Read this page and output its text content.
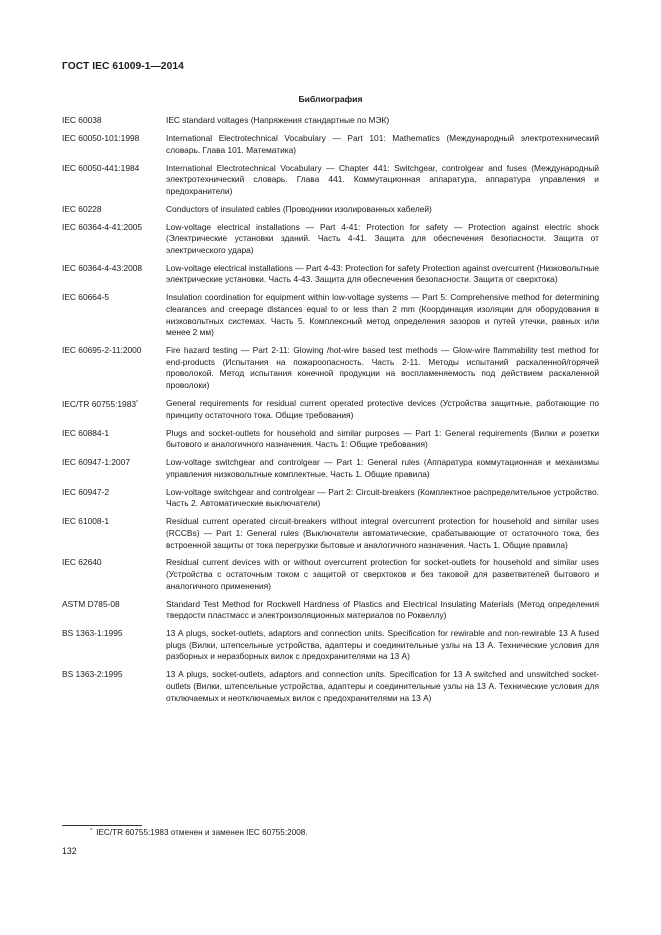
ГОСТ IEC 61009-1—2014
Библиография
IEC 60038	IEC standard voltages (Напряжения стандартные по МЭК)
IEC 60050-101:1998	International Electrotechnical Vocabulary — Part 101: Mathematics (Международный электротехнический словарь. Глава 101. Математика)
IEC 60050-441:1984	International Electrotechnical Vocabulary — Chapter 441: Switchgear, controlgear and fuses (Международный электротехнический словарь. Глава 441. Коммутационная аппаратура, аппаратура управления и предохранители)
IEC 60228	Conductors of insulated cables (Проводники изолированных кабелей)
IEC 60364-4-41:2005	Low-voltage electrical installations — Part 4-41: Protection for safety — Protection against electric shock (Электрические установки зданий. Часть 4-41. Защита для обеспечения безопасности. Защита от электрического удара)
IEC 60364-4-43:2008	Low-voltage electrical installations — Part 4-43: Protection for safety Protection against overcurrent (Низковольтные электрические установки. Часть 4-43. Защита для обеспечения безопасности. Защита от сверхтока)
IEC 60664-5	Insulation coordination for equipment within low-voltage systems — Part 5: Comprehensive method for determining clearances and creepage distances equal to or less than 2 mm (Координация изоляции для оборудования в низковольтных системах. Часть 5. Комплексный метод определения зазоров и путей утечки, равных или менее 2 мм)
IEC 60695-2-11:2000	Fire hazard testing — Part 2-11: Glowing /hot-wire based test methods — Glow-wire flammability test method for end-products (Испытания на пожароопасность. Часть 2-11. Методы испытаний раскаленной/горячей проволокой. Метод испытания конечной продукции на воспламеняемость под действием раскаленной проволоки)
IEC/TR 60755:1983*	General requirements for residual current operated protective devices (Устройства защитные, работающие по принципу остаточного тока. Общие требования)
IEC 60884-1	Plugs and socket-outlets for household and similar purposes — Part 1: General requirements (Вилки и розетки бытового и аналогичного назначения. Часть 1: Общие требования)
IEC 60947-1:2007	Low-voltage switchgear and controlgear — Part 1: General rules (Аппаратура коммутационная и механизмы управления низковольтные комплектные. Часть 1. Общие правила)
IEC 60947-2	Low-voltage switchgear and controlgear — Part 2: Circuit-breakers (Комплектное распределительное устройство. Часть 2. Автоматические выключатели)
IEC 61008-1	Residual current operated circuit-breakers without integral overcurrent protection for household and similar uses (RCCBs) — Part 1: General rules (Выключатели автоматические, срабатывающие от остаточного тока, без встроенной защиты от тока перегрузки бытовые и аналогичного назначения. Часть 1. Общие правила)
IEC 62640	Residual current devices with or without overcurrent protection for socket-outlets for household and similar uses (Устройства с остаточным током с защитой от сверхтоков и без таковой для разветвителей бытового и аналогичного применения)
ASTM D785-08	Standard Test Method for Rockwell Hardness of Plastics and Electrical Insulating Materials (Метод определения твердости пластмасс и электроизоляционных материалов по Роквеллу)
BS 1363-1:1995	13 A plugs, socket-outlets, adaptors and connection units. Specification for rewirable and non-rewirable 13 A fused plugs (Вилки, штепсельные устройства, адаптеры и соединительные узлы на 13 А. Технические условия для разборных и неразборных вилок с предохранителями на 13 А)
BS 1363-2:1995	13 A plugs, socket-outlets, adaptors and connection units. Specification for 13 A switched and unswitched socket-outlets (Вилки, штепсельные устройства, адаптеры и соединительные узлы на 13 А. Технические условия для отключаемых и неотключаемых вилок с предохранителями на 13 А)
* IEC/TR 60755:1983 отменен и заменен IEC 60755:2008.
132
